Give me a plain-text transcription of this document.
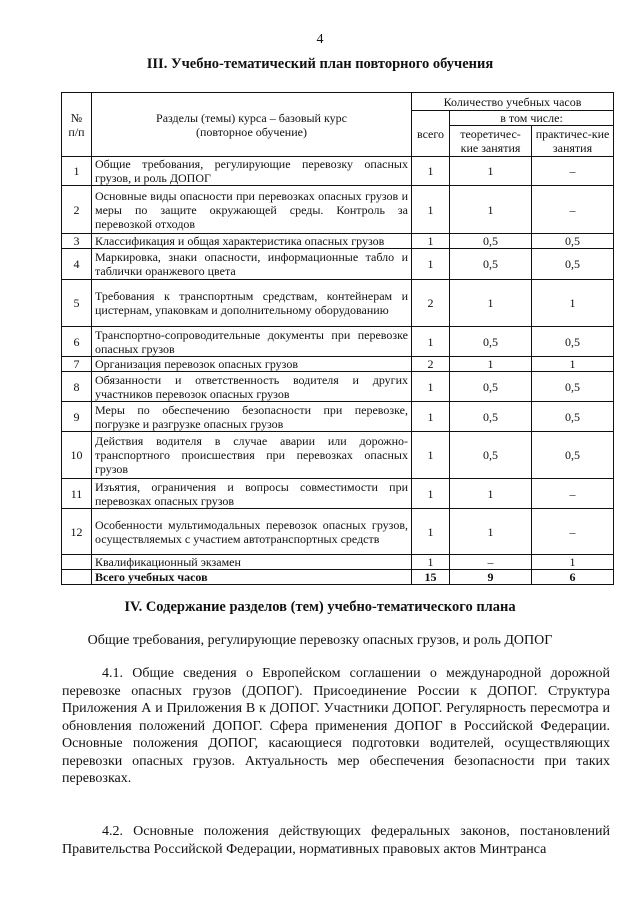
4
III. Учебно-тематический план повторного обучения
№ п/п	Разделы (темы) курса – базовый курс (повторное обучение)	Количество учебных часов		
		всего	в том числе:	
			теоретичес-кие занятия	практичес-кие занятия
1	Общие требования, регулирующие перевозку опасных грузов, и роль ДОПОГ	1	1	–
2	Основные виды опасности при перевозках опасных грузов и меры по защите окружающей среды. Контроль за перевозкой отходов	1	1	–
3	Классификация и общая характеристика опасных грузов	1	0,5	0,5
4	Маркировка, знаки опасности, информационные табло и таблички оранжевого цвета	1	0,5	0,5
5	Требования к транспортным средствам, контейнерам и цистернам, упаковкам и дополнительному оборудованию	2	1	1
6	Транспортно-сопроводительные документы при перевозке опасных грузов	1	0,5	0,5
7	Организация перевозок опасных грузов	2	1	1
8	Обязанности и ответственность водителя и других участников перевозок опасных грузов	1	0,5	0,5
9	Меры по обеспечению безопасности при перевозке, погрузке и разгрузке опасных грузов	1	0,5	0,5
10	Действия водителя в случае аварии или дорожно-транспортного происшествия при перевозках опасных грузов	1	0,5	0,5
11	Изъятия, ограничения и вопросы совместимости при перевозках опасных грузов	1	1	–
12	Особенности мультимодальных перевозок опасных грузов, осуществляемых с участием автотранспортных средств	1	1	–
	Квалификационный экзамен	1	–	1
	Всего учебных часов	15	9	6
IV. Содержание разделов (тем) учебно-тематического плана
Общие требования, регулирующие перевозку опасных грузов, и роль ДОПОГ
4.1. Общие сведения о Европейском соглашении о международной дорожной перевозке опасных грузов (ДОПОГ). Присоединение России к ДОПОГ. Структура Приложения А и Приложения В к ДОПОГ. Участники ДОПОГ. Регулярность пересмотра и обновления положений ДОПОГ. Сфера применения ДОПОГ в Российской Федерации. Основные положения ДОПОГ, касающиеся подготовки водителей, осуществляющих перевозки опасных грузов. Актуальность мер обеспечения безопасности при таких перевозках.
4.2. Основные положения действующих федеральных законов, постановлений Правительства Российской Федерации, нормативных правовых актов Минтранса
